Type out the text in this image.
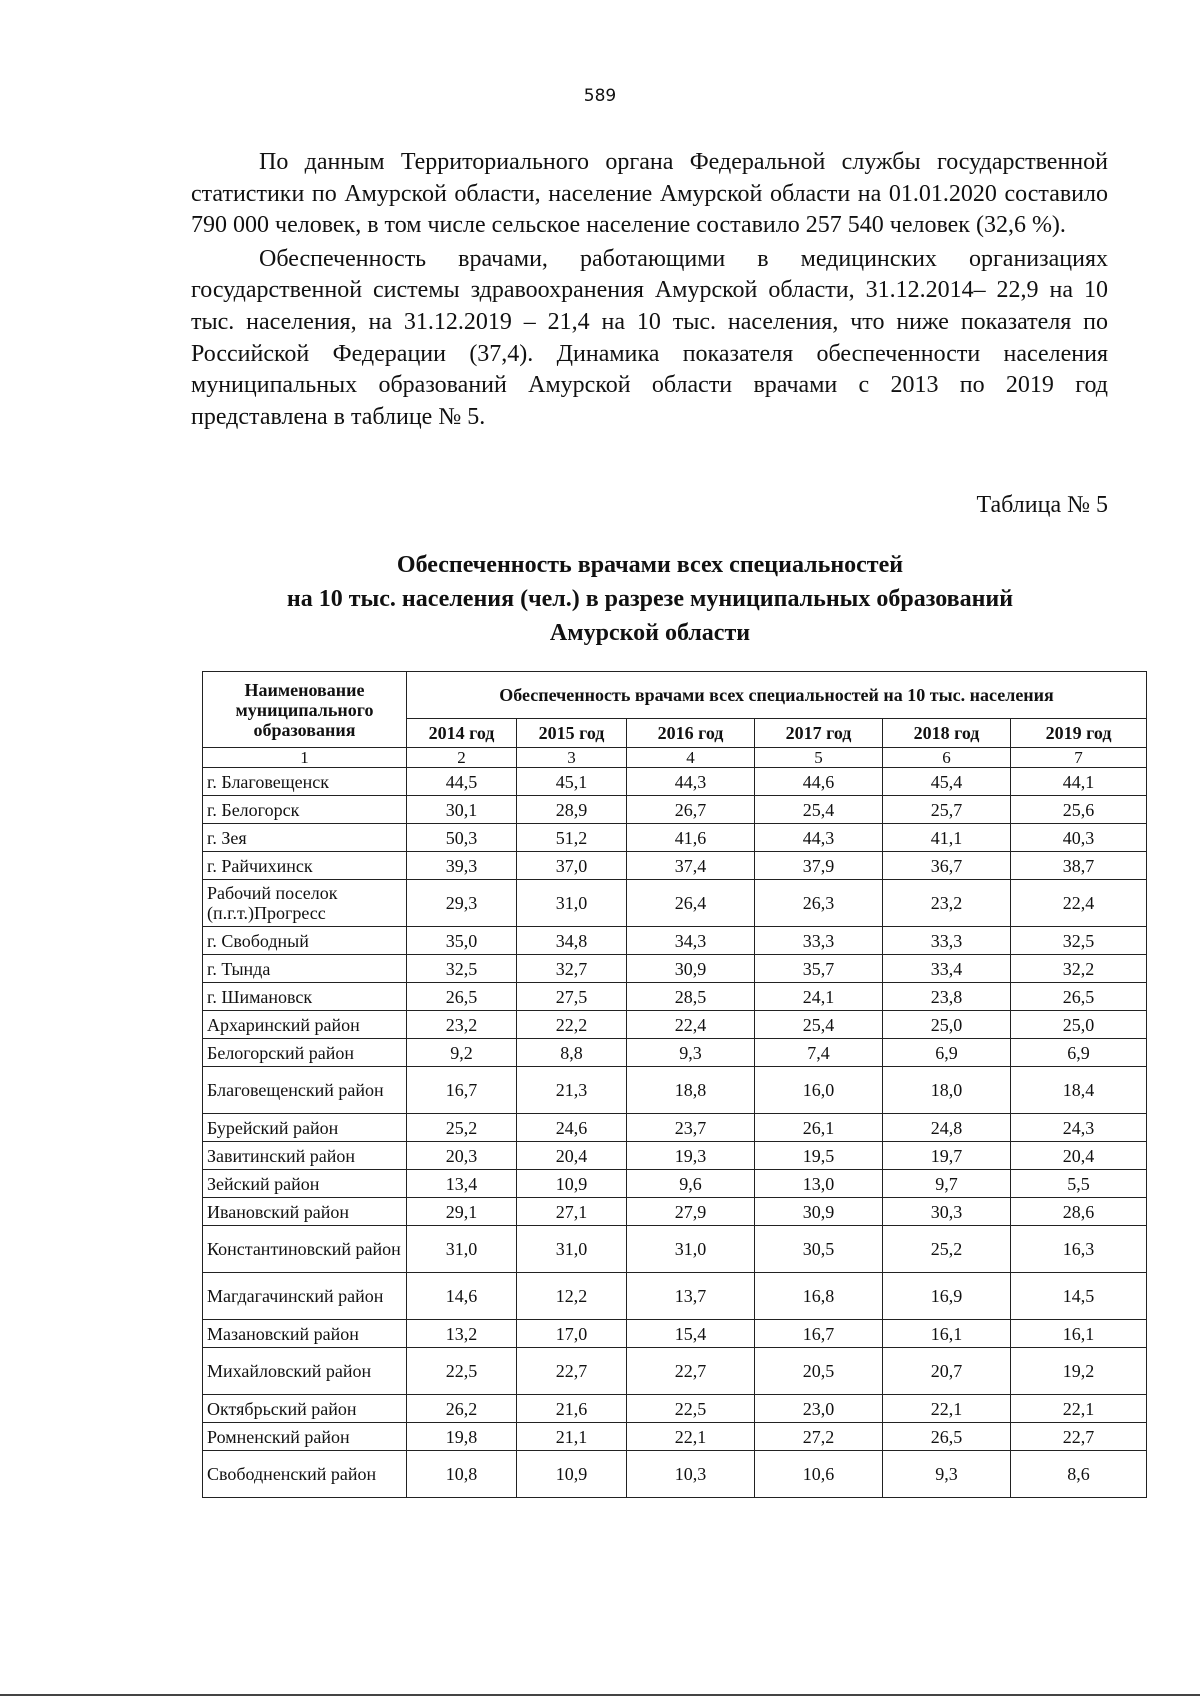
589

По данным Территориального органа Федеральной службы государственной статистики по Амурской области, население Амурской области на 01.01.2020 составило 790 000 человек, в том числе сельское население составило 257 540 человек (32,6 %).

Обеспеченность врачами, работающими в медицинских организациях государственной системы здравоохранения Амурской области, 31.12.2014– 22,9 на 10 тыс. населения, на 31.12.2019 – 21,4 на 10 тыс. населения, что ниже показателя по Российской Федерации (37,4). Динамика показателя обеспеченности населения муниципальных образований Амурской области врачами с 2013 по 2019 год представлена в таблице № 5.

Таблица № 5
Обеспеченность врачами всех специальностей
на 10 тыс. населения (чел.) в разрезе муниципальных образований
Амурской области
Наименование муниципального образования	Обеспеченность врачами всех специальностей на 10 тыс. населения					
	2014 год	2015 год	2016 год	2017 год	2018 год	2019 год
1	2	3	4	5	6	7
г. Благовещенск	44,5	45,1	44,3	44,6	45,4	44,1
г. Белогорск	30,1	28,9	26,7	25,4	25,7	25,6
г. Зея	50,3	51,2	41,6	44,3	41,1	40,3
г. Райчихинск	39,3	37,0	37,4	37,9	36,7	38,7
Рабочий поселок (п.г.т.)Прогресс	29,3	31,0	26,4	26,3	23,2	22,4
г. Свободный	35,0	34,8	34,3	33,3	33,3	32,5
г. Тында	32,5	32,7	30,9	35,7	33,4	32,2
г. Шимановск	26,5	27,5	28,5	24,1	23,8	26,5
Архаринский район	23,2	22,2	22,4	25,4	25,0	25,0
Белогорский район	9,2	8,8	9,3	7,4	6,9	6,9
Благовещенский район	16,7	21,3	18,8	16,0	18,0	18,4
Бурейский район	25,2	24,6	23,7	26,1	24,8	24,3
Завитинский район	20,3	20,4	19,3	19,5	19,7	20,4
Зейский район	13,4	10,9	9,6	13,0	9,7	5,5
Ивановский район	29,1	27,1	27,9	30,9	30,3	28,6
Константиновский район	31,0	31,0	31,0	30,5	25,2	16,3
Магдагачинский район	14,6	12,2	13,7	16,8	16,9	14,5
Мазановский район	13,2	17,0	15,4	16,7	16,1	16,1
Михайловский район	22,5	22,7	22,7	20,5	20,7	19,2
Октябрьский район	26,2	21,6	22,5	23,0	22,1	22,1
Ромненский район	19,8	21,1	22,1	27,2	26,5	22,7
Свободненский район	10,8	10,9	10,3	10,6	9,3	8,6
